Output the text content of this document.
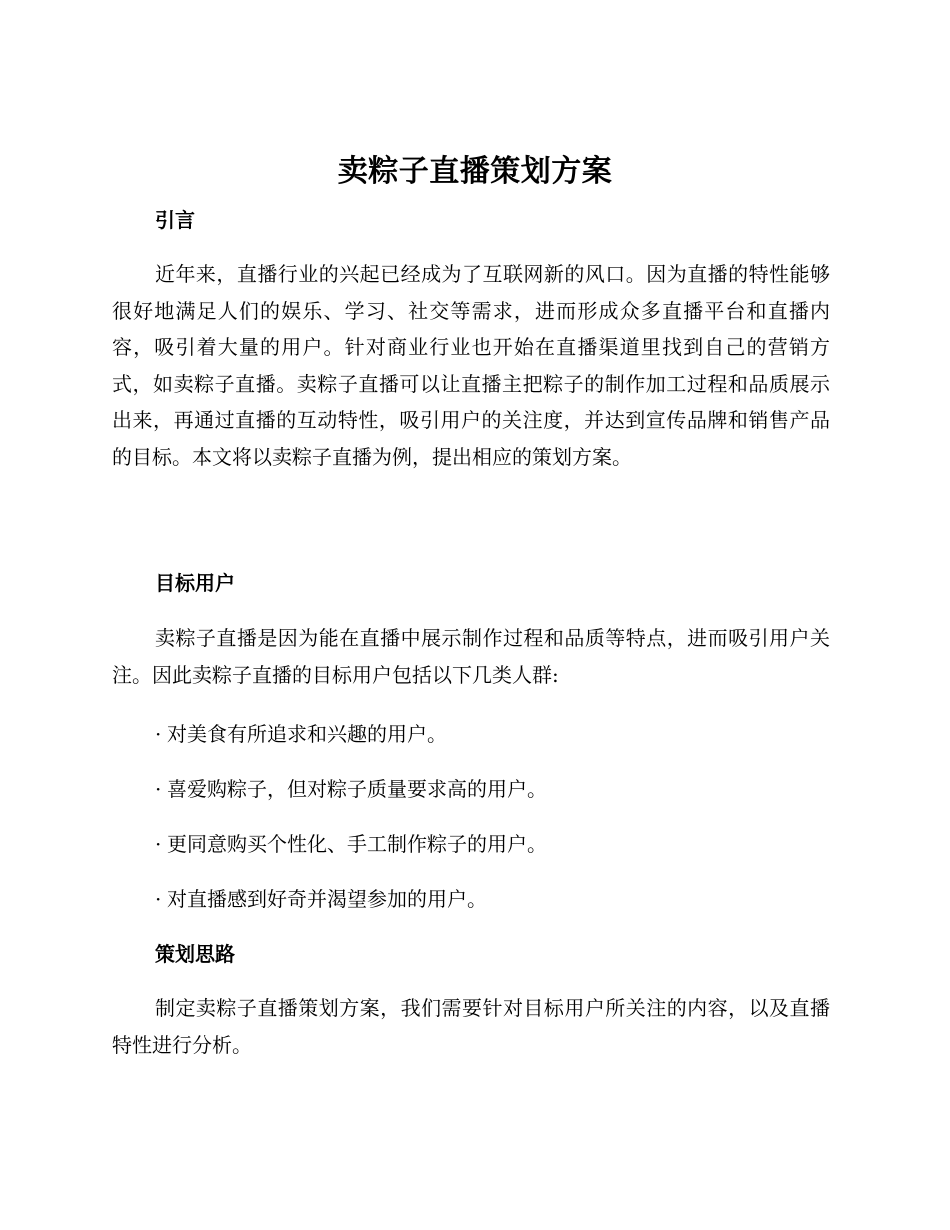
卖粽子直播策划方案
引言
近年来，直播行业的兴起已经成为了互联网新的风口。因为直播的特性能够很好地满足人们的娱乐、学习、社交等需求，进而形成众多直播平台和直播内容，吸引着大量的用户。针对商业行业也开始在直播渠道里找到自己的营销方式，如卖粽子直播。卖粽子直播可以让直播主把粽子的制作加工过程和品质展示出来，再通过直播的互动特性，吸引用户的关注度，并达到宣传品牌和销售产品的目标。本文将以卖粽子直播为例，提出相应的策划方案。
目标用户
卖粽子直播是因为能在直播中展示制作过程和品质等特点，进而吸引用户关注。因此卖粽子直播的目标用户包括以下几类人群:
· 对美食有所追求和兴趣的用户。
· 喜爱购粽子，但对粽子质量要求高的用户。
· 更同意购买个性化、手工制作粽子的用户。
· 对直播感到好奇并渴望参加的用户。
策划思路
制定卖粽子直播策划方案，我们需要针对目标用户所关注的内容，以及直播特性进行分析。
